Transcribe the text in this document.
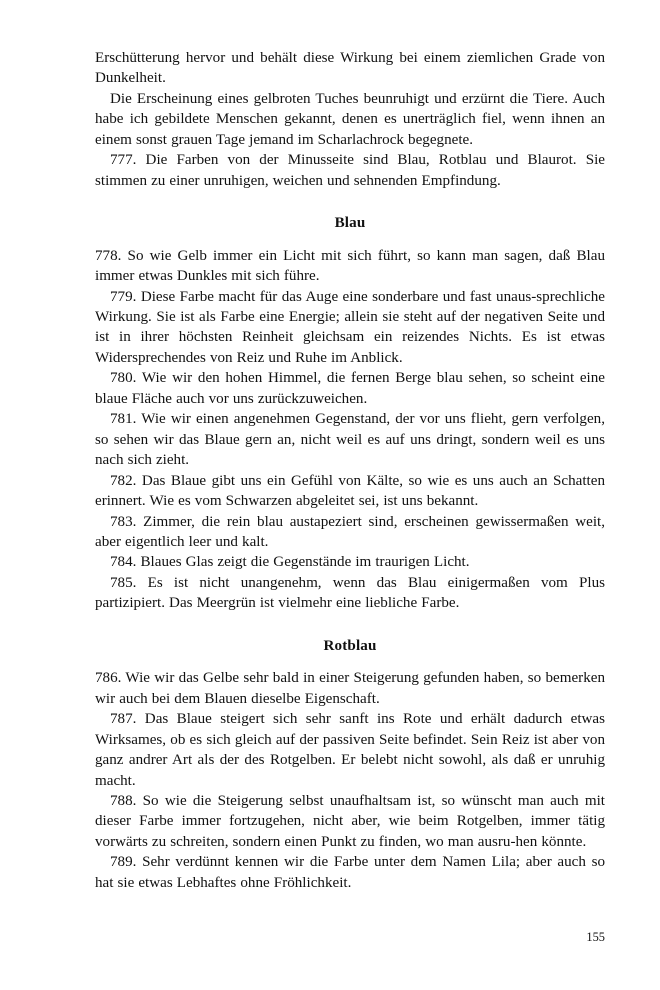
Erschütterung hervor und behält diese Wirkung bei einem ziemlichen Grade von Dunkelheit.

Die Erscheinung eines gelbroten Tuches beunruhigt und erzürnt die Tiere. Auch habe ich gebildete Menschen gekannt, denen es unerträglich fiel, wenn ihnen an einem sonst grauen Tage jemand im Scharlachrock begegnete.

777. Die Farben von der Minusseite sind Blau, Rotblau und Blaurot. Sie stimmen zu einer unruhigen, weichen und sehnenden Empfindung.

Blau

778. So wie Gelb immer ein Licht mit sich führt, so kann man sagen, daß Blau immer etwas Dunkles mit sich führe.

779. Diese Farbe macht für das Auge eine sonderbare und fast unaus-sprechliche Wirkung. Sie ist als Farbe eine Energie; allein sie steht auf der negativen Seite und ist in ihrer höchsten Reinheit gleichsam ein reizendes Nichts. Es ist etwas Widersprechendes von Reiz und Ruhe im Anblick.

780. Wie wir den hohen Himmel, die fernen Berge blau sehen, so scheint eine blaue Fläche auch vor uns zurückzuweichen.

781. Wie wir einen angenehmen Gegenstand, der vor uns flieht, gern verfolgen, so sehen wir das Blaue gern an, nicht weil es auf uns dringt, sondern weil es uns nach sich zieht.

782. Das Blaue gibt uns ein Gefühl von Kälte, so wie es uns auch an Schatten erinnert. Wie es vom Schwarzen abgeleitet sei, ist uns bekannt.

783. Zimmer, die rein blau austapeziert sind, erscheinen gewissermaßen weit, aber eigentlich leer und kalt.

784. Blaues Glas zeigt die Gegenstände im traurigen Licht.

785. Es ist nicht unangenehm, wenn das Blau einigermaßen vom Plus partizipiert. Das Meergrün ist vielmehr eine liebliche Farbe.

Rotblau

786. Wie wir das Gelbe sehr bald in einer Steigerung gefunden haben, so bemerken wir auch bei dem Blauen dieselbe Eigenschaft.

787. Das Blaue steigert sich sehr sanft ins Rote und erhält dadurch etwas Wirksames, ob es sich gleich auf der passiven Seite befindet. Sein Reiz ist aber von ganz andrer Art als der des Rotgelben. Er belebt nicht sowohl, als daß er unruhig macht.

788. So wie die Steigerung selbst unaufhaltsam ist, so wünscht man auch mit dieser Farbe immer fortzugehen, nicht aber, wie beim Rotgelben, immer tätig vorwärts zu schreiten, sondern einen Punkt zu finden, wo man ausru-hen könnte.

789. Sehr verdünnt kennen wir die Farbe unter dem Namen Lila; aber auch so hat sie etwas Lebhaftes ohne Fröhlichkeit.

155
